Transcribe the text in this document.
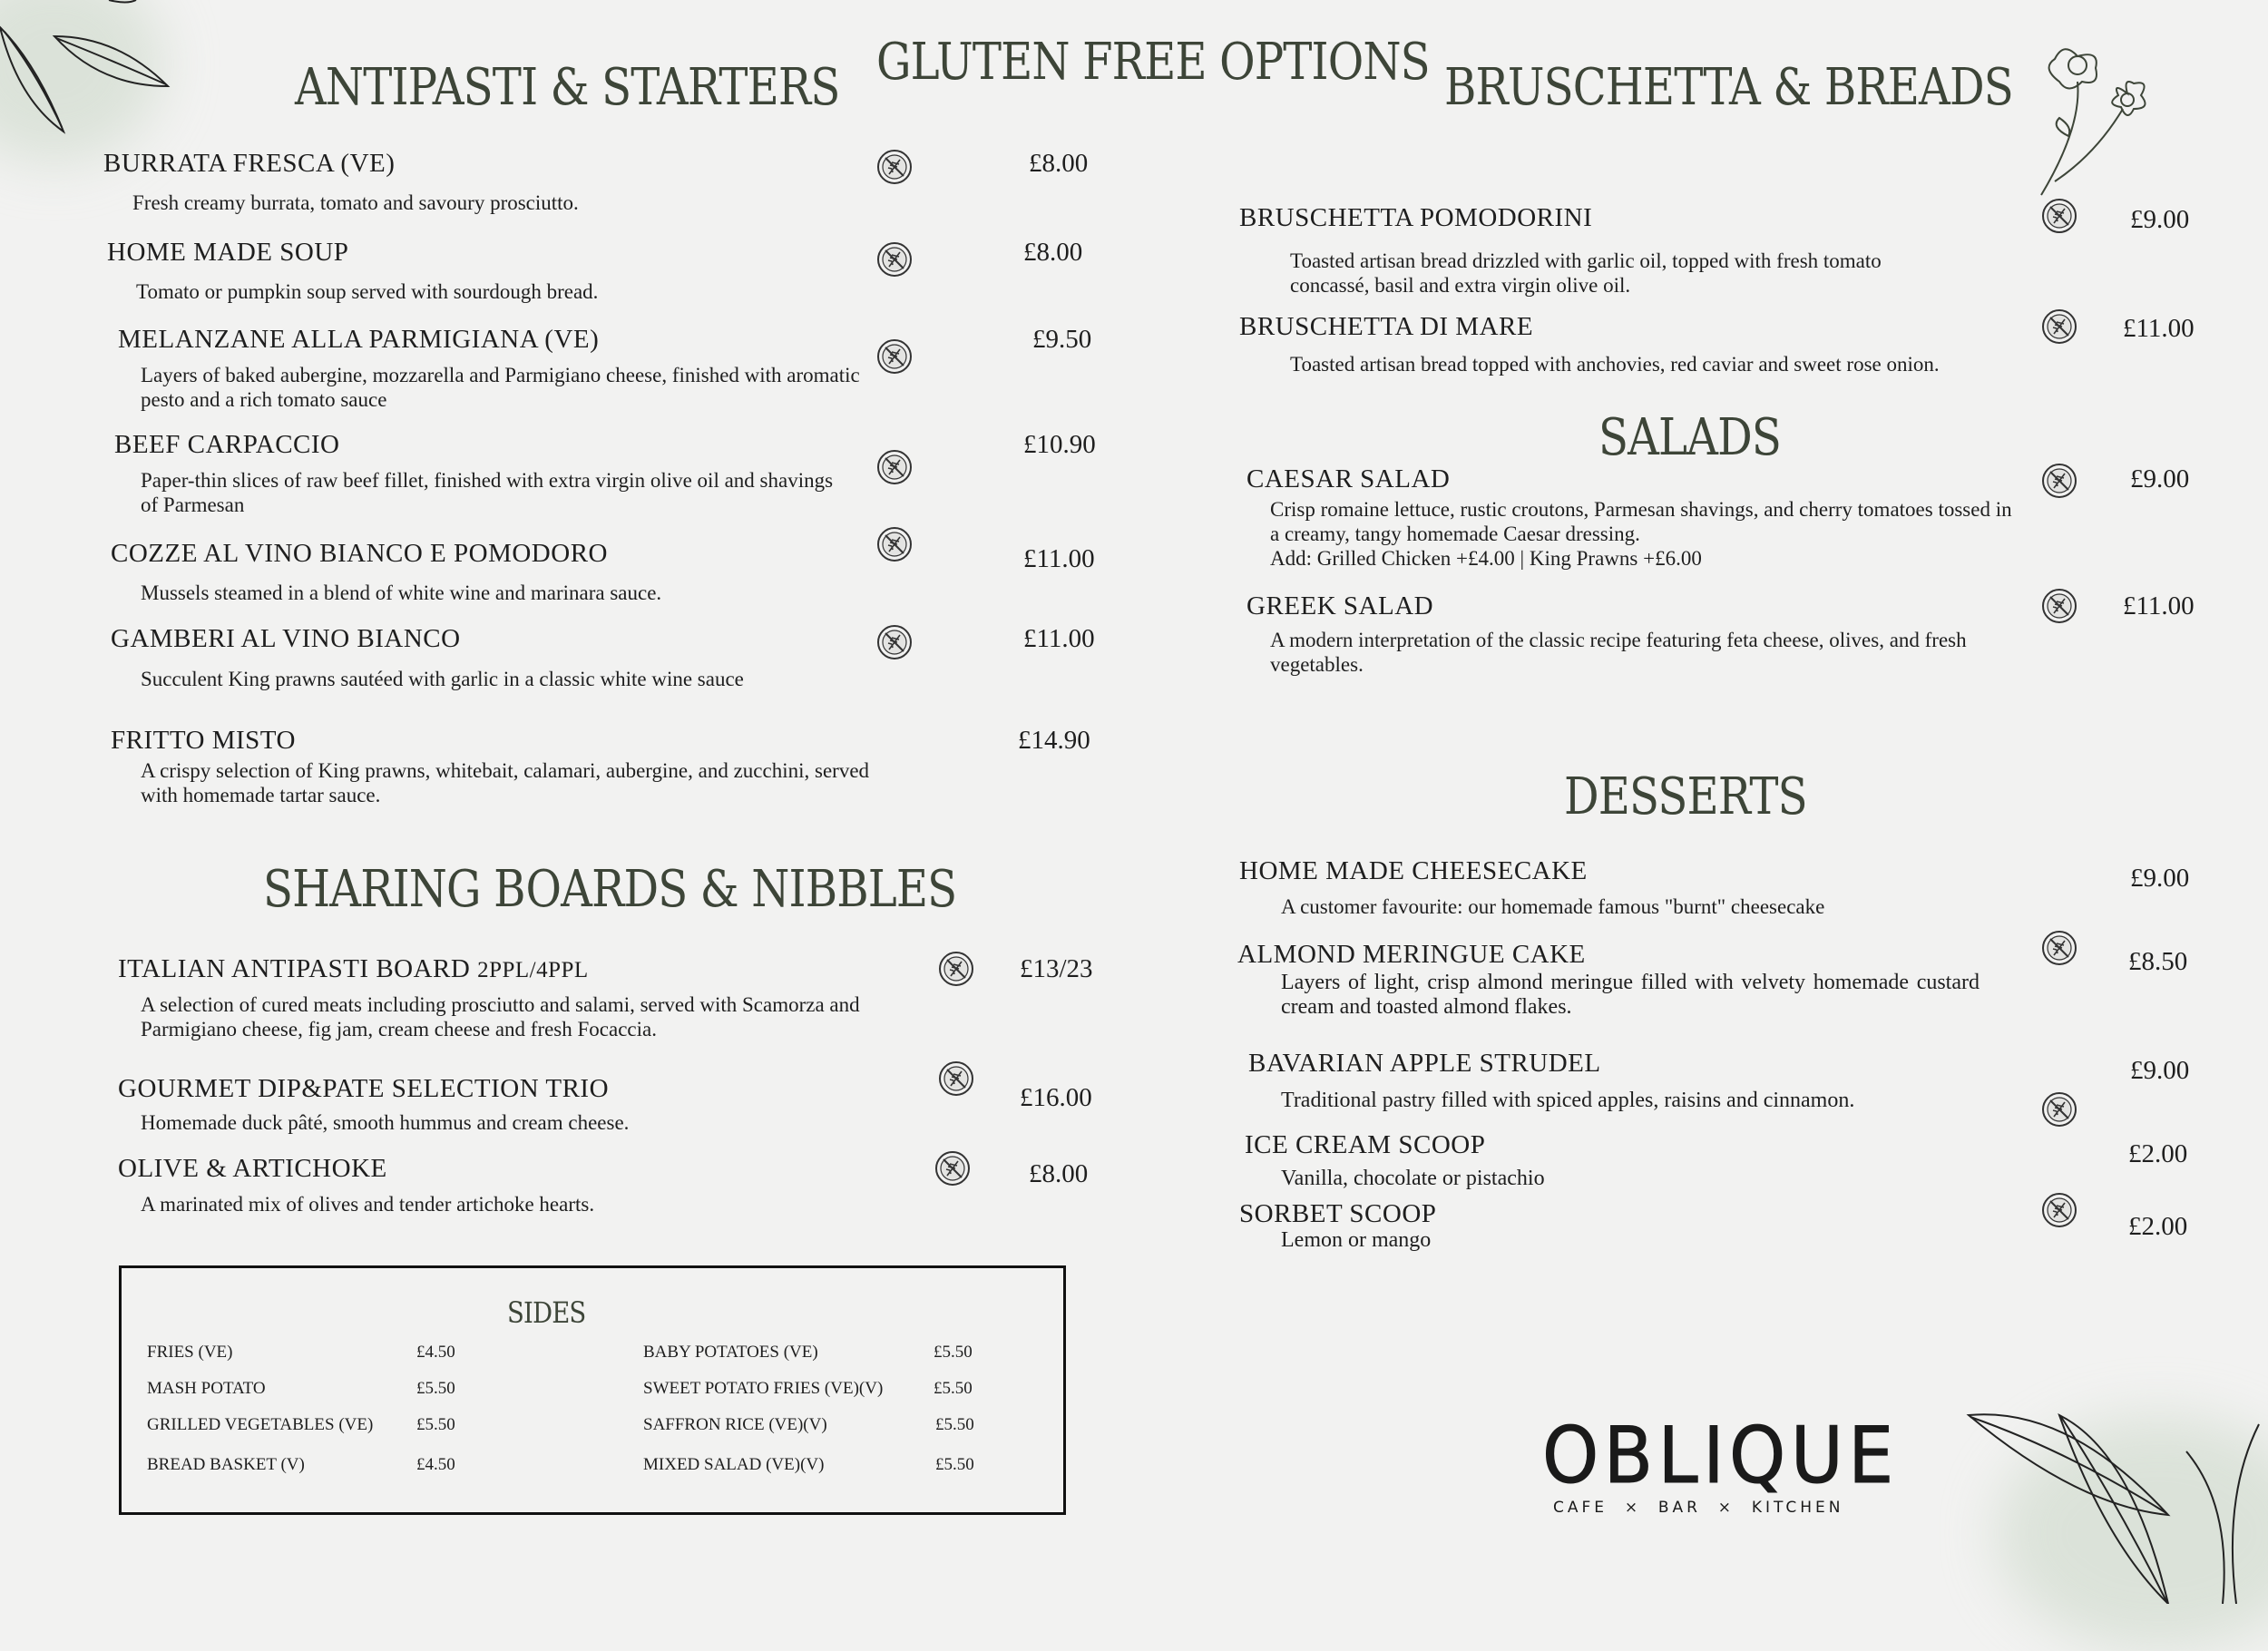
ANTIPASTI & STARTERS GLUTEN FREE OPTIONS BRUSCHETTA & BREADS
SALADS
DESSERTS
SHARING BOARDS & NIBBLES
BURRATA FRESCA (VE)
Fresh creamy burrata, tomato and savoury prosciutto.
£8.00
HOME MADE SOUP
Tomato or pumpkin soup served with sourdough bread.
£8.00
MELANZANE ALLA PARMIGIANA (VE)
Layers of baked aubergine, mozzarella and Parmigiano cheese, finished with aromatic pesto and a rich tomato sauce
£9.50
BEEF CARPACCIO
Paper-thin slices of raw beef fillet, finished with extra virgin olive oil and shavings of Parmesan
£10.90
COZZE AL VINO BIANCO E POMODORO
Mussels steamed in a blend of white wine and marinara sauce.
£11.00
GAMBERI AL VINO BIANCO
Succulent King prawns sautéed with garlic in a classic white wine sauce
£11.00
FRITTO MISTO
A crispy selection of King prawns, whitebait, calamari, aubergine, and zucchini, served with homemade tartar sauce.
£14.90
ITALIAN ANTIPASTI BOARD 2PPL/4PPL
A selection of cured meats including prosciutto and salami, served with Scamorza and Parmigiano cheese, fig jam, cream cheese and fresh Focaccia.
£13/23
GOURMET DIP&PATE SELECTION TRIO
Homemade duck pâté, smooth hummus and cream cheese.
£16.00
OLIVE & ARTICHOKE
A marinated mix of olives and tender artichoke hearts.
£8.00
SIDES
FRIES (VE)	£4.50
MASH POTATO	£5.50
GRILLED VEGETABLES (VE)	£5.50
BREAD BASKET (V)	£4.50
BABY POTATOES (VE)	£5.50
SWEET POTATO FRIES (VE)(V)	£5.50
SAFFRON RICE (VE)(V)	£5.50
MIXED SALAD (VE)(V)	£5.50
BRUSCHETTA POMODORINI
Toasted artisan bread drizzled with garlic oil, topped with fresh tomato concassé, basil and extra virgin olive oil.
£9.00
BRUSCHETTA DI MARE
Toasted artisan bread topped with anchovies, red caviar and sweet rose onion.
£11.00
CAESAR SALAD
Crisp romaine lettuce, rustic croutons, Parmesan shavings, and cherry tomatoes tossed in a creamy, tangy homemade Caesar dressing.
Add: Grilled Chicken +£4.00 | King Prawns +£6.00
£9.00
GREEK SALAD
A modern interpretation of the classic recipe featuring feta cheese, olives, and fresh vegetables.
£11.00
HOME MADE CHEESECAKE
A customer favourite: our homemade famous "burnt" cheesecake
£9.00
ALMOND MERINGUE CAKE
Layers of light, crisp almond meringue filled with velvety homemade custard cream and toasted almond flakes.
£8.50
BAVARIAN APPLE STRUDEL
Traditional pastry filled with spiced apples, raisins and cinnamon.
£9.00
ICE CREAM SCOOP
Vanilla, chocolate or pistachio
£2.00
SORBET SCOOP
Lemon or mango	£2.00
OBLIQUE
CAFE  ×  BAR  ×  KITCHEN
